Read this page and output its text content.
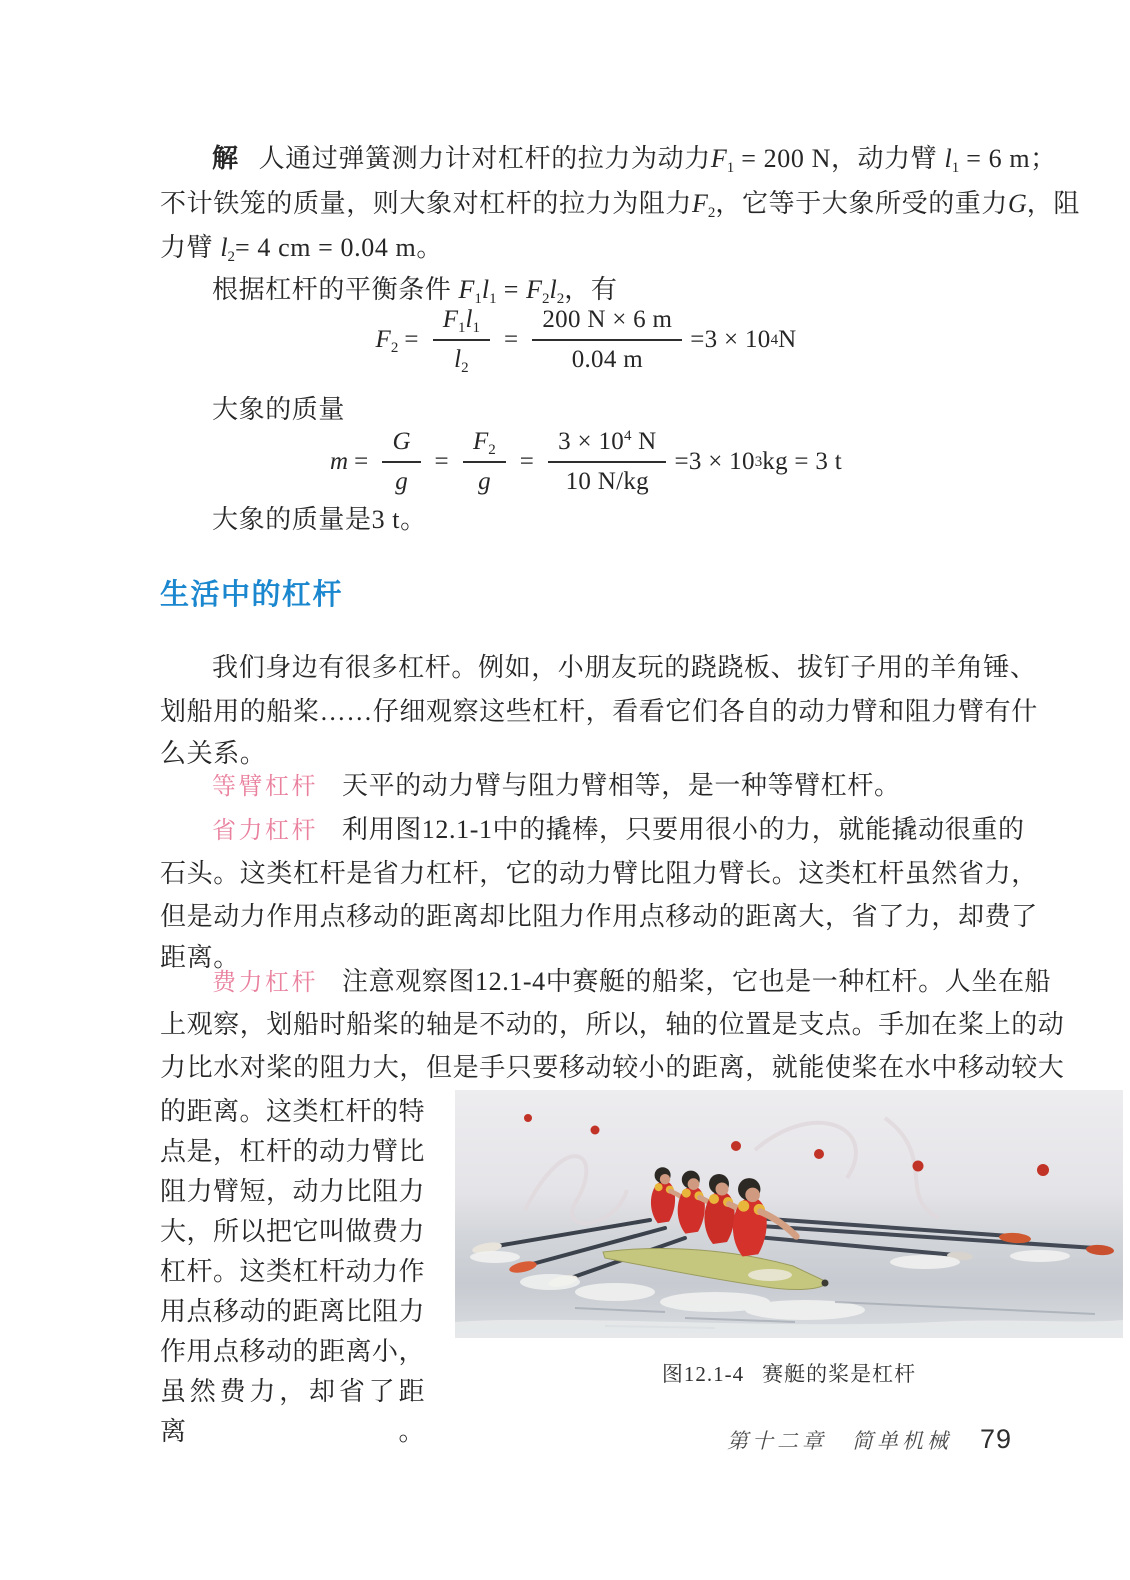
解 人通过弹簧测力计对杠杆的拉力为动力$F_1 = 200$ N，动力臂 $l_1 = 6$ m；
不计铁笼的质量，则大象对杠杆的拉力为阻力$F_2$，它等于大象所受的重力G，阻
力臂 $l_2= 4$ cm = 0.04 m。
根据杠杆的平衡条件 $F_1l_1 = F_2l_2$，有
$F_2 = \frac{F_1l_1}{l_2} = \frac{200 N \times 6 m}{0.04 m} =3 \times 10$ 4 N
大象的质量
$m = \frac{G}{g} = \frac{F_2}{g} = \frac{3 \times 10^4 N}{10 N/kg} =3 \times 10$ 3 kg = 3 t
大象的质量是3 t。
生活中的杠杆
我们身边有很多杠杆。例如，小朋友玩的跷跷板、拔钉子用的羊角锤、
划船用的船桨……仔细观察这些杠杆，看看它们各自的动力臂和阻力臂有什
么关系。
等臂杠杆 天平的动力臂与阻力臂相等，是一种等臂杠杆。
省力杠杆 利用图12.1-1中的撬棒，只要用很小的力，就能撬动很重的
石头。这类杠杆是省力杠杆，它的动力臂比阻力臂长。这类杠杆虽然省力，
但是动力作用点移动的距离却比阻力作用点移动的距离大，省了力，却费了
距离。
费力杠杆 注意观察图12.1-4中赛艇的船桨，它也是一种杠杆。人坐在船
上观察，划船时船桨的轴是不动的，所以，轴的位置是支点。手加在桨上的动
力比水对桨的阻力大，但是手只要移动较小的距离，就能使桨在水中移动较大
的距离。这类杠杆的特
点是，杠杆的动力臂比
阻力臂短，动力比阻力
大，所以把它叫做费力
杠杆。这类杠杆动力作
用点移动的距离比阻力
作用点移动的距离小，
虽然费力，却省了距离。
图12.1-4 赛艇的桨是杠杆
第十二章　简单机械 79
